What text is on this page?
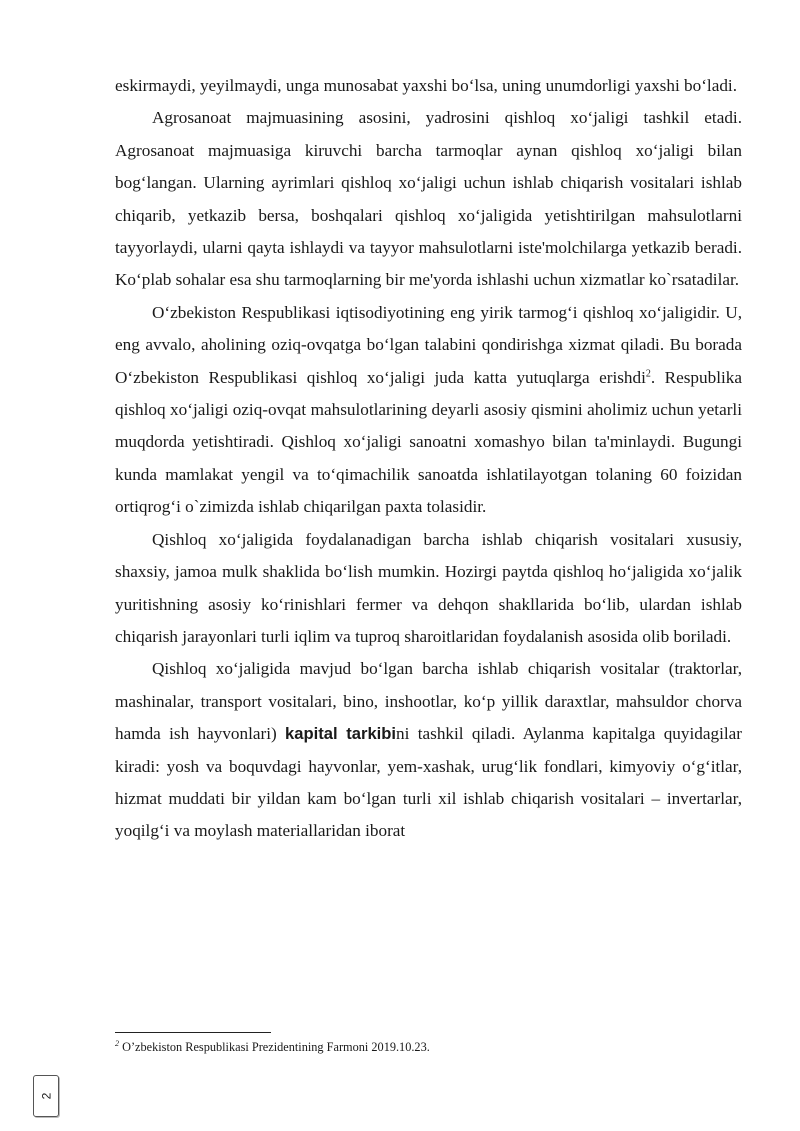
eskirmaydi, yeyilmaydi, unga munosabat yaxshi bo‘lsa, uning unumdorligi yaxshi bo‘ladi.

Agrosanoat majmuasining asosini, yadrosini qishloq xo‘jaligi tashkil etadi. Agrosanoat majmuasiga kiruvchi barcha tarmoqlar aynan qishloq xo‘jaligi bilan bog‘langan. Ularning ayrimlari qishloq xo‘jaligi uchun ishlab chiqarish vositalari ishlab chiqarib, yetkazib bersa, boshqalari qishloq xo‘jaligida yetishtirilgan mahsulotlarni tayyorlaydi, ularni qayta ishlaydi va tayyor mahsulotlarni iste'molchilarga yetkazib beradi. Ko‘plab sohalar esa shu tarmoqlarning bir me'yorda ishlashi uchun xizmatlar ko`rsatadilar.

O‘zbekiston Respublikasi iqtisodiyotining eng yirik tarmog‘i qishloq xo‘jaligidir. U, eng avvalo, aholining oziq-ovqatga bo‘lgan talabini qondirishga xizmat qiladi. Bu borada O‘zbekiston Respublikasi qishloq xo‘jaligi juda katta yutuqlarga erishdi$^2$. Respublika qishloq xo‘jaligi oziq-ovqat mahsulotlarining deyarli asosiy qismini aholimiz uchun yetarli muqdorda yetishtiradi. Qishloq xo‘jaligi sanoatni xomashyo bilan ta'minlaydi. Bugungi kunda mamlakat yengil va to‘qimachilik sanoatda ishlatilayotgan tolaning 60 foizidan ortiqrog‘i o`zimizda ishlab chiqarilgan paxta tolasidir.

Qishloq xo‘jaligida foydalanadigan barcha ishlab chiqarish vositalari xususiy, shaxsiy, jamoa mulk shaklida bo‘lish mumkin. Hozirgi paytda qishloq ho‘jaligida xo‘jalik yuritishning asosiy ko‘rinishlari fermer va dehqon shakllarida bo‘lib, ulardan ishlab chiqarish jarayonlari turli iqlim va tuproq sharoitlaridan foydalanish asosida olib boriladi.

Qishloq xo‘jaligida mavjud bo‘lgan barcha ishlab chiqarish vositalar (traktorlar, mashinalar, transport vositalari, bino, inshootlar, ko‘p yillik daraxtlar, mahsuldor chorva hamda ish hayvonlari) kapital tarkibini tashkil qiladi. Aylanma kapitalga quyidagilar kiradi: yosh va boquvdagi hayvonlar, yem-xashak, urug‘lik fondlari, kimyoviy o‘g‘itlar, hizmat muddati bir yildan kam bo‘lgan turli xil ishlab chiqarish vositalari – invertarlar, yoqilg‘i va moylash materiallaridan iborat

$^2$ O’zbekiston Respublikasi Prezidentining Farmoni 2019.10.23.

2
